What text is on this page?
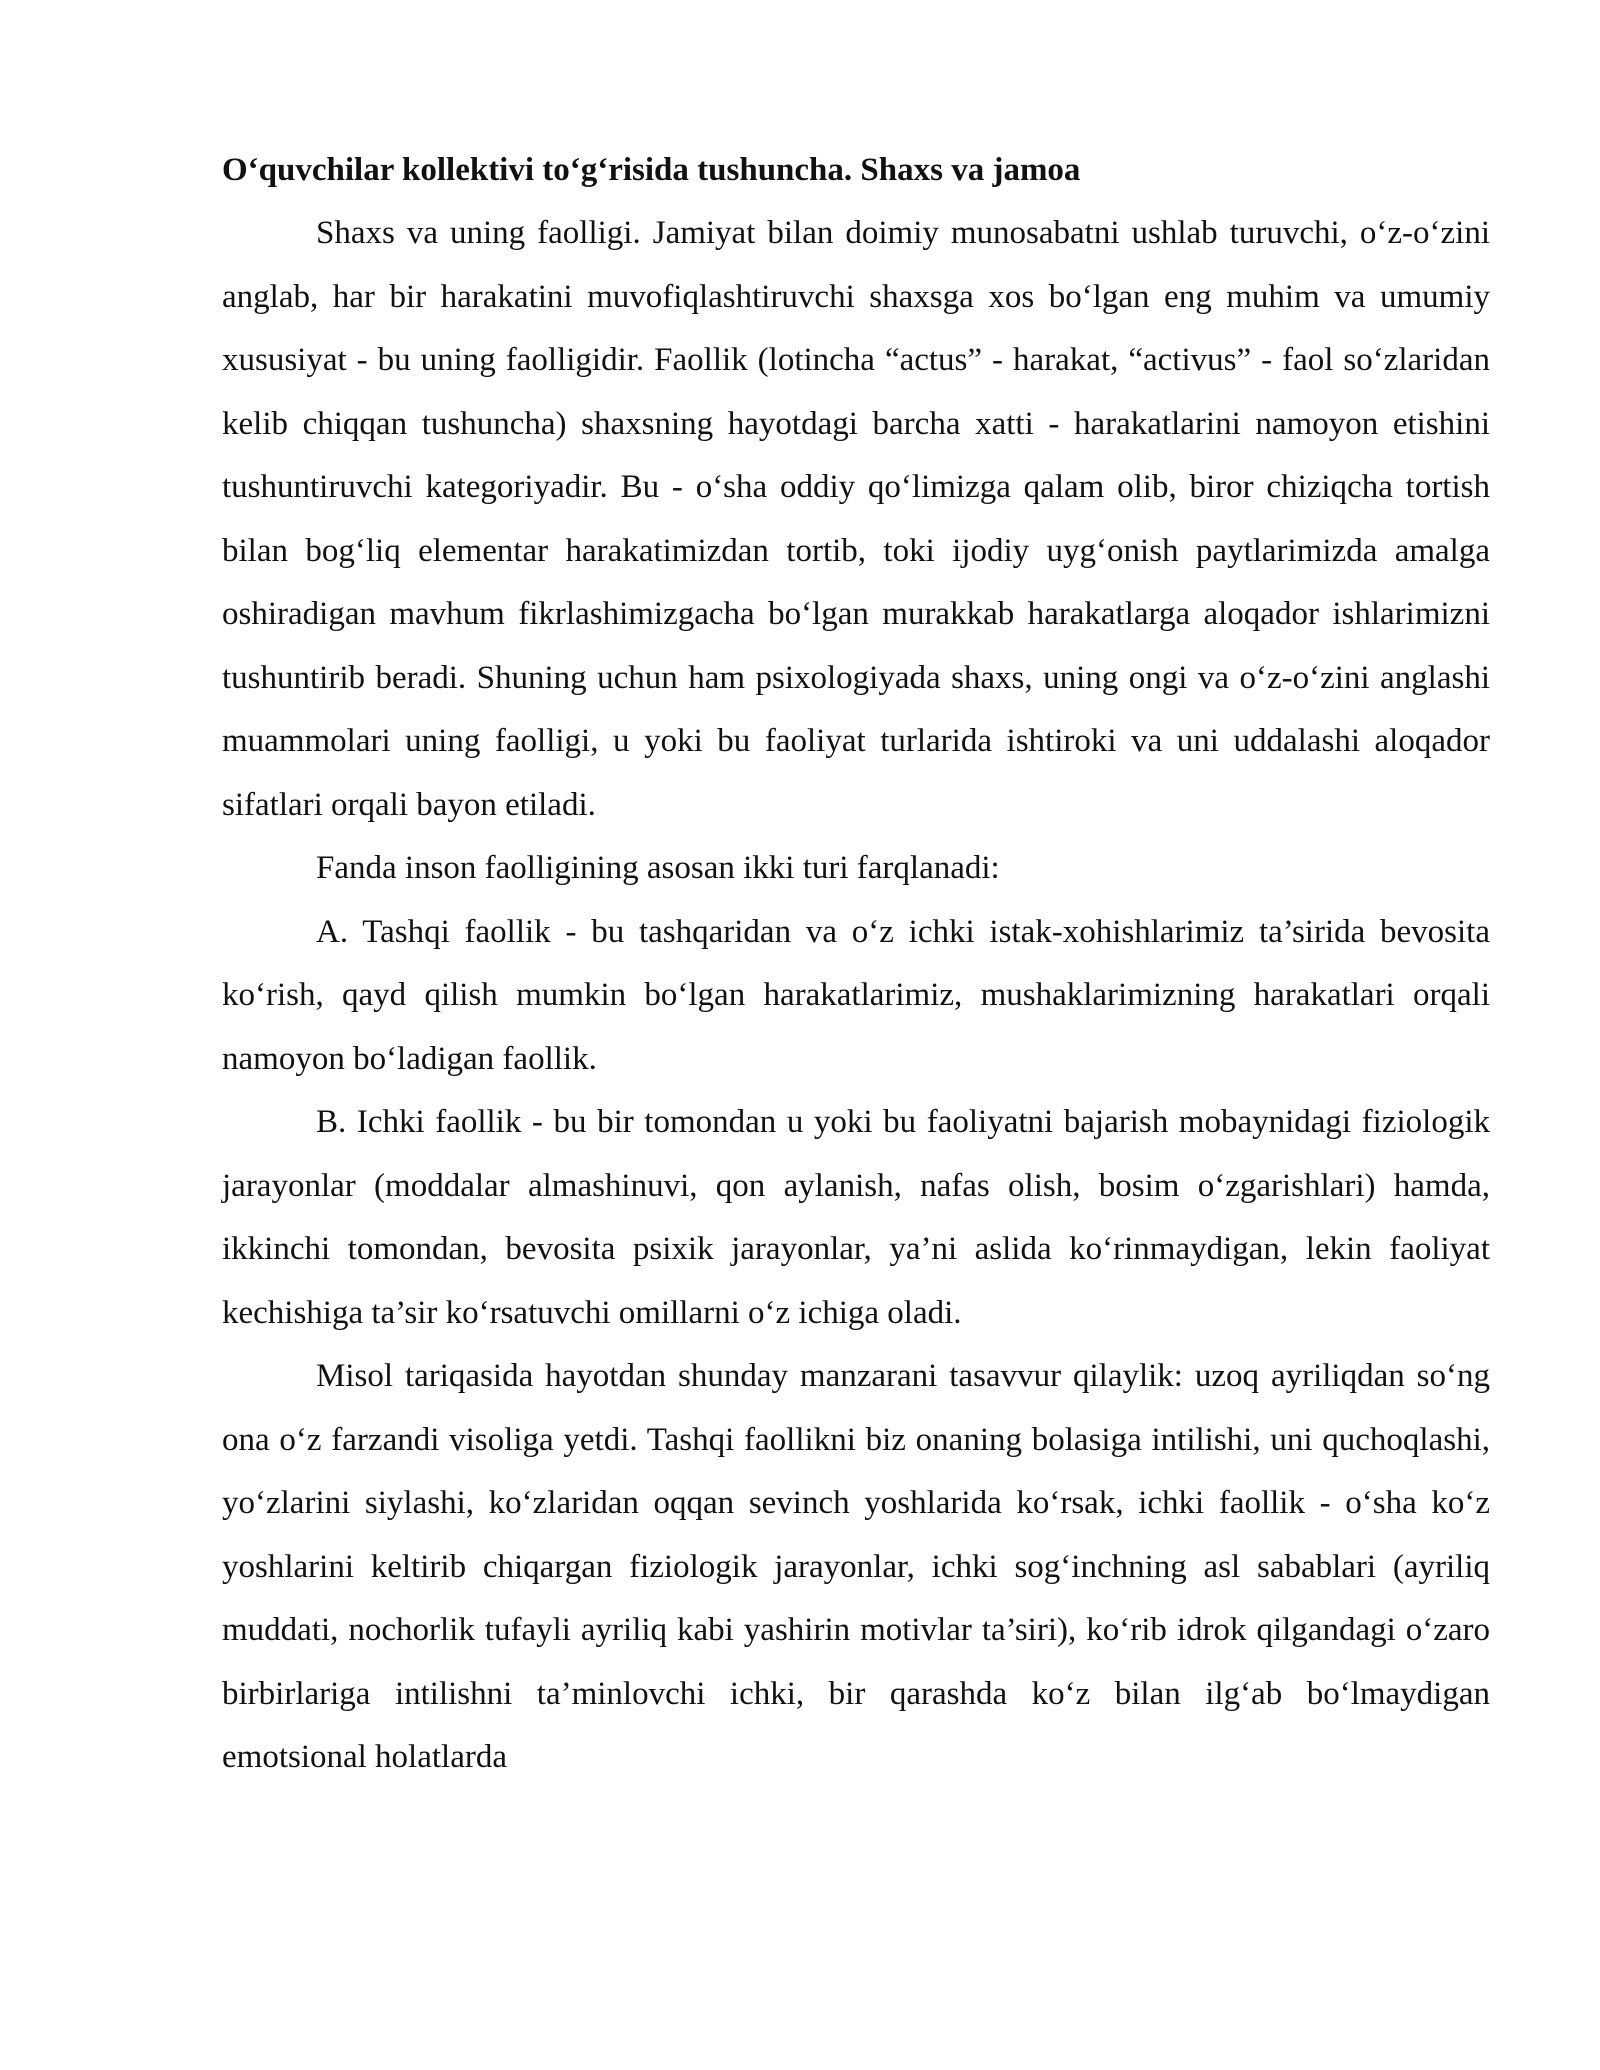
O‘quvchilar kollektivi to‘g‘risida tushuncha. Shaxs va jamoa

Shaxs va uning faolligi. Jamiyat bilan doimiy munosabatni ushlab turuvchi, o‘z-o‘zini anglab, har bir harakatini muvofiqlashtiruvchi shaxsga xos bo‘lgan eng muhim va umumiy xususiyat - bu uning faolligidir. Faollik (lotincha “actus” - harakat, “activus” - faol so‘zlaridan kelib chiqqan tushuncha) shaxsning hayotdagi barcha xatti - harakatlarini namoyon etishini tushuntiruvchi kategoriyadir. Bu - o‘sha oddiy qo‘limizga qalam olib, biror chiziqcha tortish bilan bog‘liq elementar harakatimizdan tortib, toki ijodiy uyg‘onish paytlarimizda amalga oshiradigan mavhum fikrlashimizgacha bo‘lgan murakkab harakatlarga aloqador ishlarimizni tushuntirib beradi. Shuning uchun ham psixologiyada shaxs, uning ongi va o‘z-o‘zini anglashi muammolari uning faolligi, u yoki bu faoliyat turlarida ishtiroki va uni uddalashi aloqador sifatlari orqali bayon etiladi.

Fanda inson faolligining asosan ikki turi farqlanadi:

A. Tashqi faollik - bu tashqaridan va o‘z ichki istak-xohishlarimiz ta’sirida bevosita ko‘rish, qayd qilish mumkin bo‘lgan harakatlarimiz, mushaklarimizning harakatlari orqali namoyon bo‘ladigan faollik.

B. Ichki faollik - bu bir tomondan u yoki bu faoliyatni bajarish mobaynidagi fiziologik jarayonlar (moddalar almashinuvi, qon aylanish, nafas olish, bosim o‘zgarishlari) hamda, ikkinchi tomondan, bevosita psixik jarayonlar, ya’ni aslida ko‘rinmaydigan, lekin faoliyat kechishiga ta’sir ko‘rsatuvchi omillarni o‘z ichiga oladi.

Misol tariqasida hayotdan shunday manzarani tasavvur qilaylik: uzoq ayriliqdan so‘ng ona o‘z farzandi visoliga yetdi. Tashqi faollikni biz onaning bolasiga intilishi, uni quchoqlashi, yo‘zlarini siylashi, ko‘zlaridan oqqan sevinch yoshlarida ko‘rsak, ichki faollik - o‘sha ko‘z yoshlarini keltirib chiqargan fiziologik jarayonlar, ichki sog‘inchning asl sabablari (ayriliq muddati, nochorlik tufayli ayriliq kabi yashirin motivlar ta’siri), ko‘rib idrok qilgandagi o‘zaro birbirlariga intilishni ta’minlovchi ichki, bir qarashda ko‘z bilan ilg‘ab bo‘lmaydigan emotsional holatlarda
